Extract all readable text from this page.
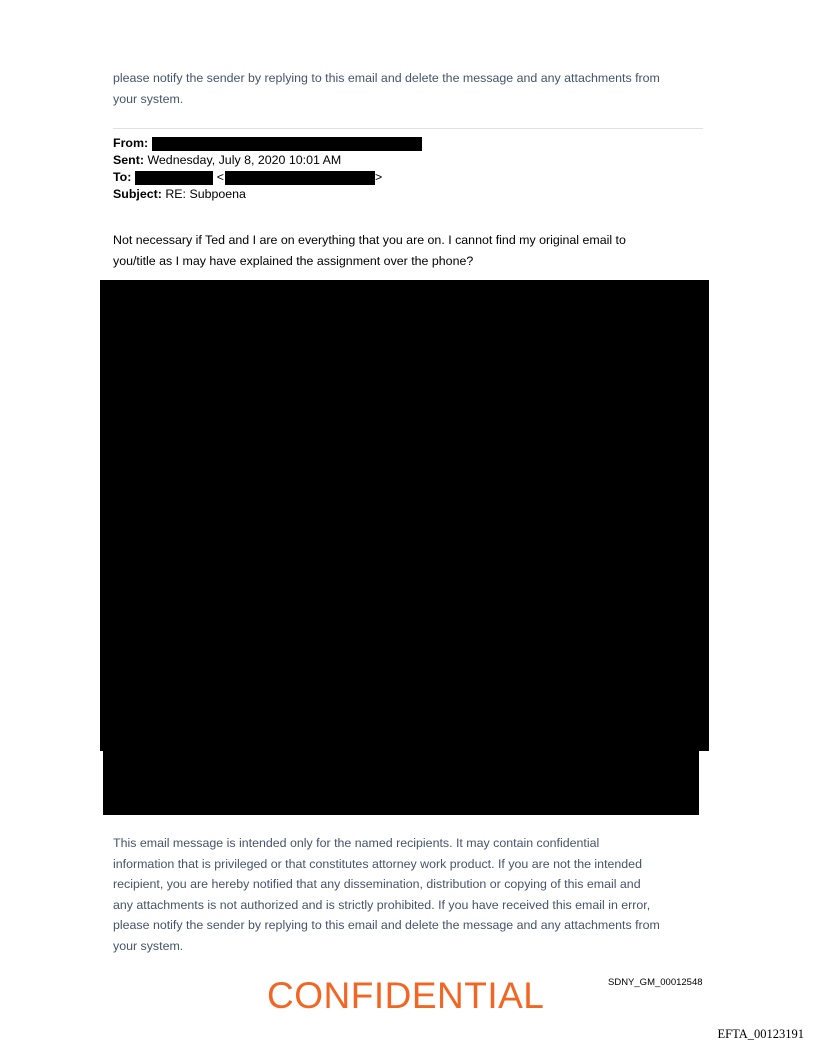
please notify the sender by replying to this email and delete the message and any attachments from
your system.
From:
Sent: Wednesday, July 8, 2020 10:01 AM
To:	<	>
Subject: RE: Subpoena
Not necessary if Ted and I are on everything that you are on. I cannot find my original email to
you/title as I may have explained the assignment over the phone?
This email message is intended only for the named recipients. It may contain confidential
information that is privileged or that constitutes attorney work product. If you are not the intended
recipient, you are hereby notified that any dissemination, distribution or copying of this email and
any attachments is not authorized and is strictly prohibited. If you have received this email in error,
please notify the sender by replying to this email and delete the message and any attachments from
your system.
CONFIDENTIAL	SDNY_GM_00012548
EFTA_00123191
